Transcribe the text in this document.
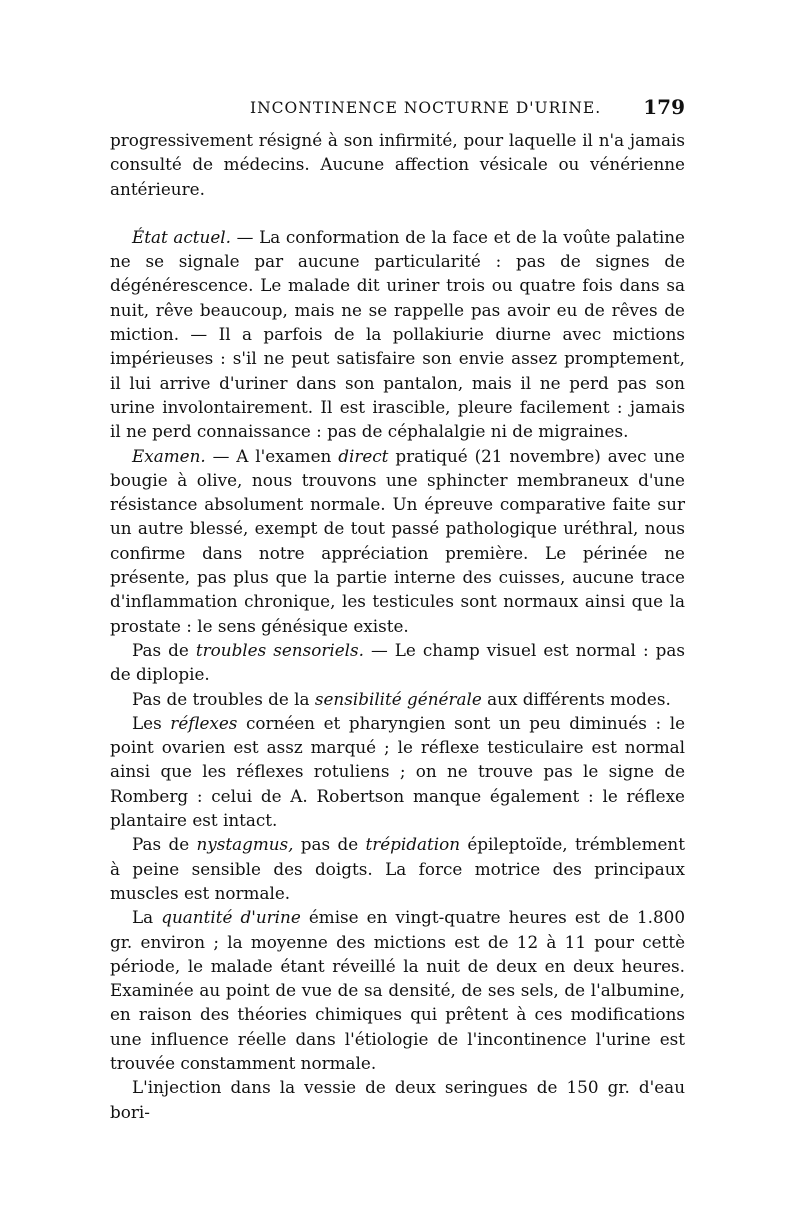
INCONTINENCE NOCTURNE D'URINE. 179

progressivement résigné à son infirmité, pour laquelle il n'a jamais consulté de médecins. Aucune affection vésicale ou vénérienne antérieure.

État actuel. — La conformation de la face et de la voûte palatine ne se signale par aucune particularité : pas de signes de dégénérescence. Le malade dit uriner trois ou quatre fois dans sa nuit, rêve beaucoup, mais ne se rappelle pas avoir eu de rêves de miction. — Il a parfois de la pollakiurie diurne avec mictions impérieuses : s'il ne peut satisfaire son envie assez promptement, il lui arrive d'uriner dans son pantalon, mais il ne perd pas son urine involontairement. Il est irascible, pleure facilement : jamais il ne perd connaissance : pas de céphalalgie ni de migraines.

Examen. — A l'examen direct pratiqué (21 novembre) avec une bougie à olive, nous trouvons une sphincter membraneux d'une résistance absolument normale. Un épreuve comparative faite sur un autre blessé, exempt de tout passé pathologique uréthral, nous confirme dans notre appréciation première. Le périnée ne présente, pas plus que la partie interne des cuisses, aucune trace d'inflammation chronique, les testicules sont normaux ainsi que la prostate : le sens génésique existe.

Pas de troubles sensoriels. — Le champ visuel est normal : pas de diplopie.

Pas de troubles de la sensibilité générale aux différents modes.

Les réflexes cornéen et pharyngien sont un peu diminués : le point ovarien est assz marqué ; le réflexe testiculaire est normal ainsi que les réflexes rotuliens ; on ne trouve pas le signe de Romberg : celui de A. Robertson manque également : le réflexe plantaire est intact.

Pas de nystagmus, pas de trépidation épileptoïde, trémblement à peine sensible des doigts. La force motrice des principaux muscles est normale.

La quantité d'urine émise en vingt-quatre heures est de 1.800 gr. environ ; la moyenne des mictions est de 12 à 11 pour cettè période, le malade étant réveillé la nuit de deux en deux heures. Examinée au point de vue de sa densité, de ses sels, de l'albumine, en raison des théories chimiques qui prêtent à ces modifications une influence réelle dans l'étiologie de l'incontinence l'urine est trouvée constamment normale.

L'injection dans la vessie de deux seringues de 150 gr. d'eau bori-
